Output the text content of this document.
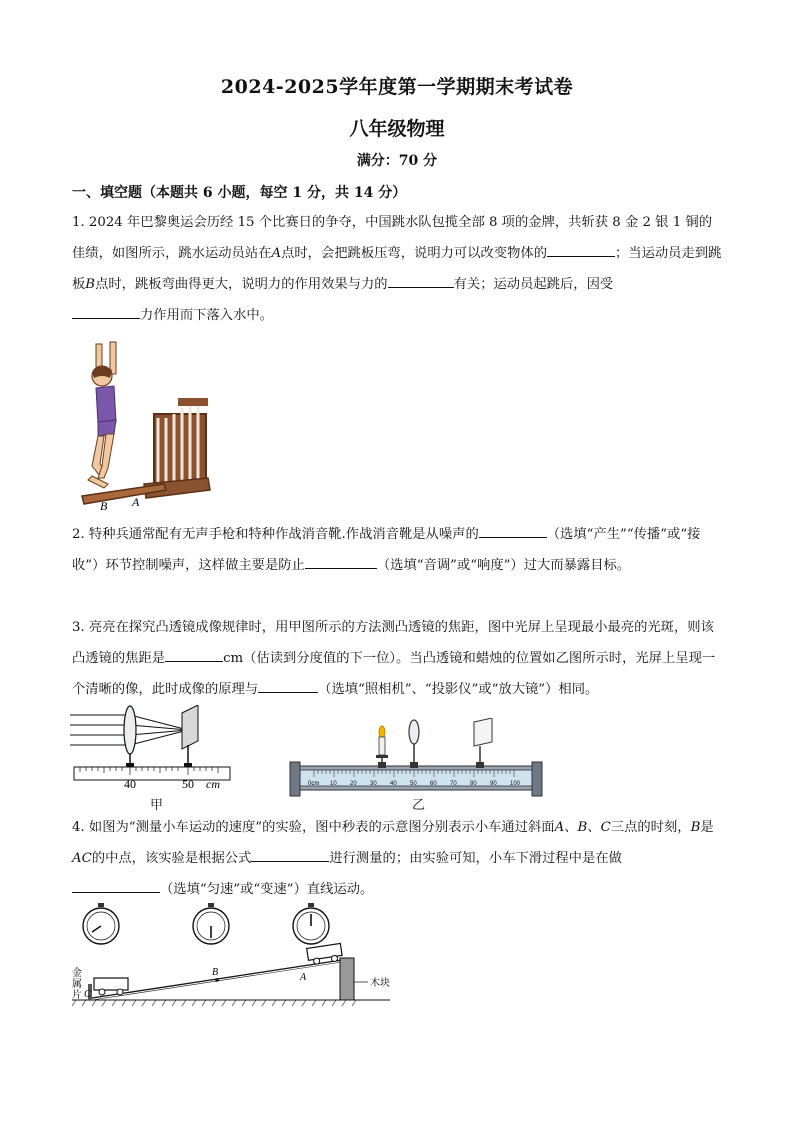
2024-2025学年度第一学期期末考试卷
八年级物理
满分：70 分
一、填空题（本题共 6 小题，每空 1 分，共 14 分）
1. 2024 年巴黎奥运会历经 15 个比赛日的争夺，中国跳水队包揽全部 8 项的金牌，共斩获 8 金 2 银 1 铜的佳绩，如图所示，跳水运动员站在A点时，会把跳板压弯，说明力可以改变物体的	；当运动员走到跳板B点时，跳板弯曲得更大，说明力的作用效果与力的	有关；运动员起跳后，因受
力作用而下落入水中。
B A
2. 特种兵通常配有无声手枪和特种作战消音靴.作战消音靴是从噪声的	（选填“产生”“传播”或“接收”）环节控制噪声，这样做主要是防止	（选填“音调”或“响度”）过大而暴露目标。
3. 亮亮在探究凸透镜成像规律时，用甲图所示的方法测凸透镜的焦距，图中光屏上呈现最小最亮的光斑，则该凸透镜的焦距是	cm（估读到分度值的下一位）。当凸透镜和蜡烛的位置如乙图所示时，光屏上呈现一个清晰的像，此时成像的原理与	（选填“照相机”、“投影仪”或“放大镜”）相同。
40	50 cm
甲
10 20 30 40 50 60 70 80 90 100
0cm
乙
4. 如图为“测量小车运动的速度”的实验，图中秒表的示意图分别表示小车通过斜面A、B、C三点的时刻，B是AC的中点，该实验是根据公式	进行测量的；由实验可知，小车下滑过程中是在做
（选填“匀速”或“变速”）直线运动。
金
属
片 C
B	A
木块
